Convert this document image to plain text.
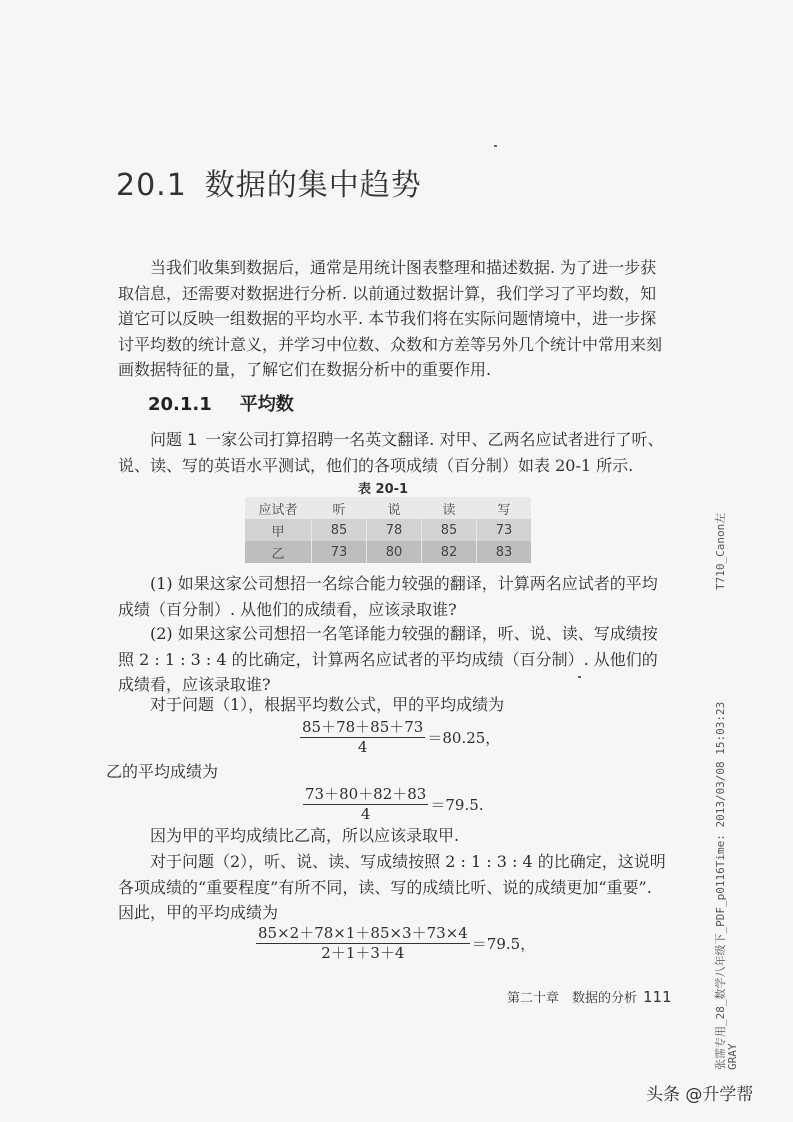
20.1 数据的集中趋势
当我们收集到数据后，通常是用统计图表整理和描述数据. 为了进一步获取信息，还需要对数据进行分析. 以前通过数据计算，我们学习了平均数，知道它可以反映一组数据的平均水平. 本节我们将在实际问题情境中，进一步探讨平均数的统计意义，并学习中位数、众数和方差等另外几个统计中常用来刻画数据特征的量，了解它们在数据分析中的重要作用.
20.1.1 平均数
问题 1 一家公司打算招聘一名英文翻译. 对甲、乙两名应试者进行了听、说、读、写的英语水平测试，他们的各项成绩（百分制）如表 20-1 所示.
表 20-1
应试者	听	说	读	写
甲	85	78	85	73
乙	73	80	82	83
(1) 如果这家公司想招一名综合能力较强的翻译，计算两名应试者的平均成绩（百分制）. 从他们的成绩看，应该录取谁?
(2) 如果这家公司想招一名笔译能力较强的翻译，听、说、读、写成绩按照 2 : 1 : 3 : 4 的比确定，计算两名应试者的平均成绩（百分制）. 从他们的成绩看，应该录取谁?
对于问题（1），根据平均数公式，甲的平均成绩为
$\frac{85+78+85+73}{4} =80.25$，
乙的平均成绩为
$\frac{73+80+82+83}{4} =79.5$.
因为甲的平均成绩比乙高，所以应该录取甲.
对于问题（2），听、说、读、写成绩按照 2 : 1 : 3 : 4 的比确定，这说明各项成绩的“重要程度”有所不同，读、写的成绩比听、说的成绩更加“重要”. 因此，甲的平均成绩为
$\frac{85\times 2+78\times 1+85\times 3+73\times 4}{2+1+3+4} =79.5$，
第二十章　数据的分析 111
T710_Canon左
张霈专用_28_数学八年级下_PDF_p0116Time: 2013/03/08 15:03:23 GRAY
头条 @升学帮
